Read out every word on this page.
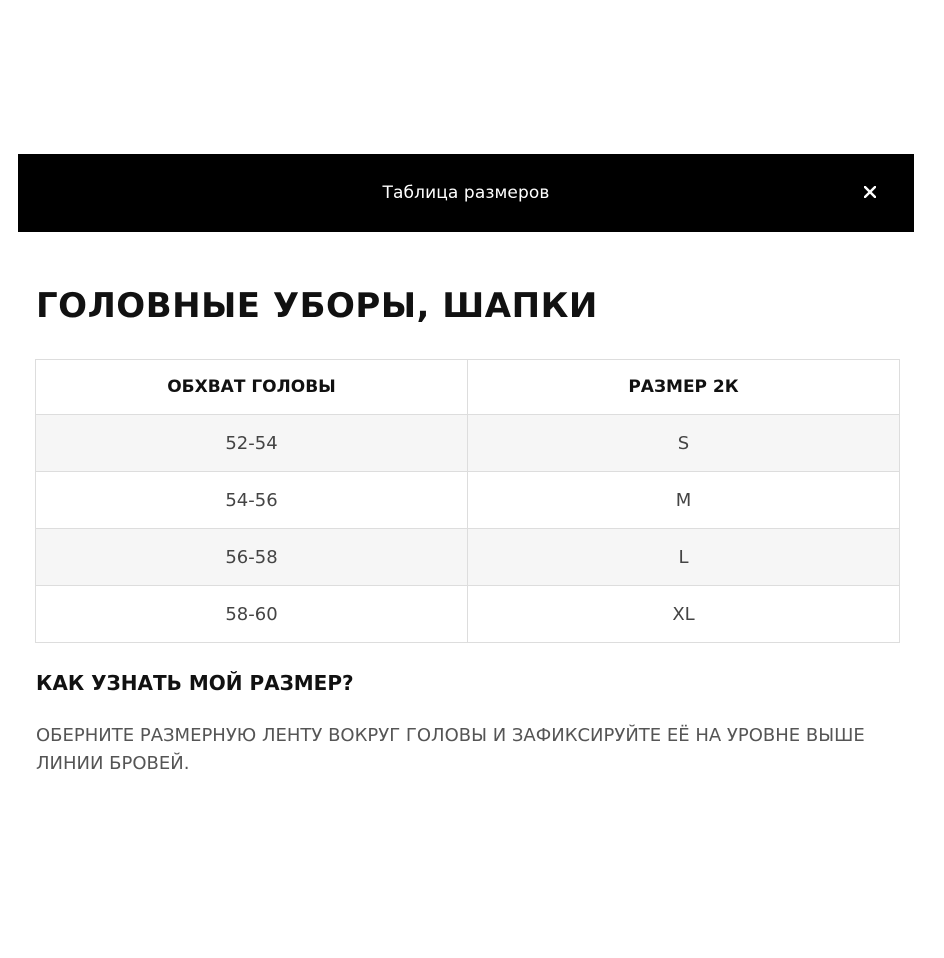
Таблица размеров
ГОЛОВНЫЕ УБОРЫ, ШАПКИ
ОБХВАТ ГОЛОВЫ	РАЗМЕР 2К
52-54	S
54-56	M
56-58	L
58-60	XL
КАК УЗНАТЬ МОЙ РАЗМЕР?

ОБЕРНИТЕ РАЗМЕРНУЮ ЛЕНТУ ВОКРУГ ГОЛОВЫ И ЗАФИКСИРУЙТЕ ЕЁ НА УРОВНЕ ВЫШЕ ЛИНИИ БРОВЕЙ.
